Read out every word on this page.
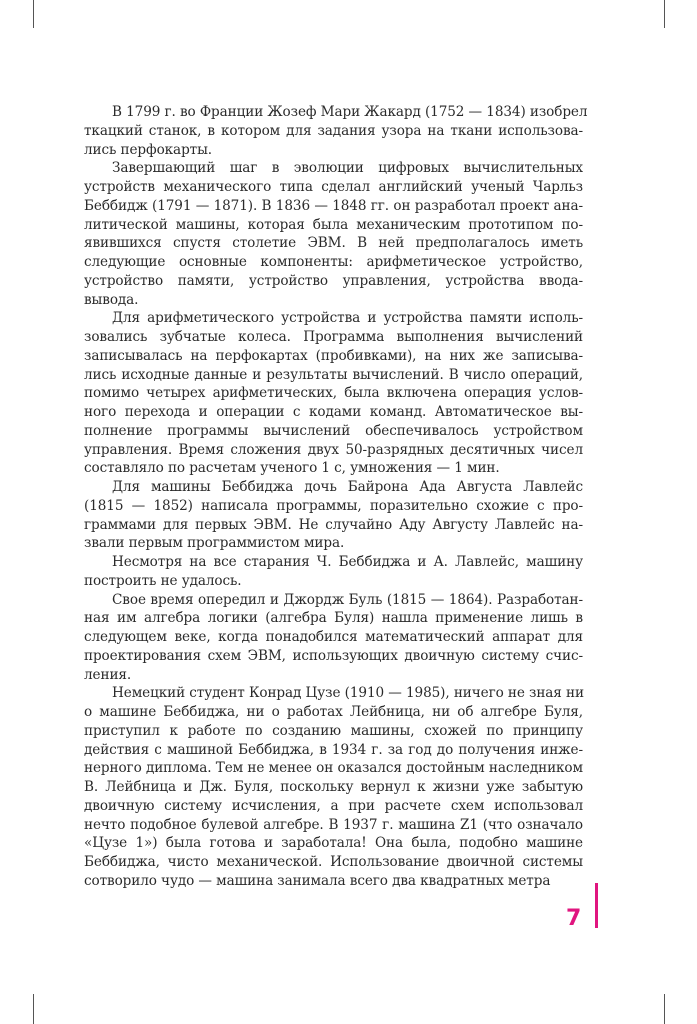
В 1799 г. во Франции Жозеф Мари Жакард (1752 — 1834) изобрел
ткацкий станок, в котором для задания узора на ткани использова-
лись перфокарты.
Завершающий шаг в эволюции цифровых вычислительных
устройств механического типа сделал английский ученый Чарльз
Беббидж (1791 — 1871). В 1836 — 1848 гг. он разработал проект ана-
литической машины, которая была механическим прототипом по-
явившихся спустя столетие ЭВМ. В ней предполагалось иметь
следующие основные компоненты: арифметическое устройство,
устройство памяти, устройство управления, устройства ввода-
вывода.
Для арифметического устройства и устройства памяти исполь-
зовались зубчатые колеса. Программа выполнения вычислений
записывалась на перфокартах (пробивками), на них же записыва-
лись исходные данные и результаты вычислений. В число операций,
помимо четырех арифметических, была включена операция услов-
ного перехода и операции с кодами команд. Автоматическое вы-
полнение программы вычислений обеспечивалось устройством
управления. Время сложения двух 50-разрядных десятичных чисел
составляло по расчетам ученого 1 с, умножения — 1 мин.
Для машины Беббиджа дочь Байрона Ада Августа Лавлейс
(1815 — 1852) написала программы, поразительно схожие с про-
граммами для первых ЭВМ. Не случайно Аду Августу Лавлейс на-
звали первым программистом мира.
Несмотря на все старания Ч. Беббиджа и А. Лавлейс, машину
построить не удалось.
Свое время опередил и Джордж Буль (1815 — 1864). Разработан-
ная им алгебра логики (алгебра Буля) нашла применение лишь в
следующем веке, когда понадобился математический аппарат для
проектирования схем ЭВМ, использующих двоичную систему счис-
ления.
Немецкий студент Конрад Цузе (1910 — 1985), ничего не зная ни
о машине Беббиджа, ни о работах Лейбница, ни об алгебре Буля,
приступил к работе по созданию машины, схожей по принципу
действия с машиной Беббиджа, в 1934 г. за год до получения инже-
нерного диплома. Тем не менее он оказался достойным наследником
В. Лейбница и Дж. Буля, поскольку вернул к жизни уже забытую
двоичную систему исчисления, а при расчете схем использовал
нечто подобное булевой алгебре. В 1937 г. машина Z1 (что означало
«Цузе 1») была готова и заработала! Она была, подобно машине
Беббиджа, чисто механической. Использование двоичной системы
сотворило чудо — машина занимала всего два квадратных метра
7
